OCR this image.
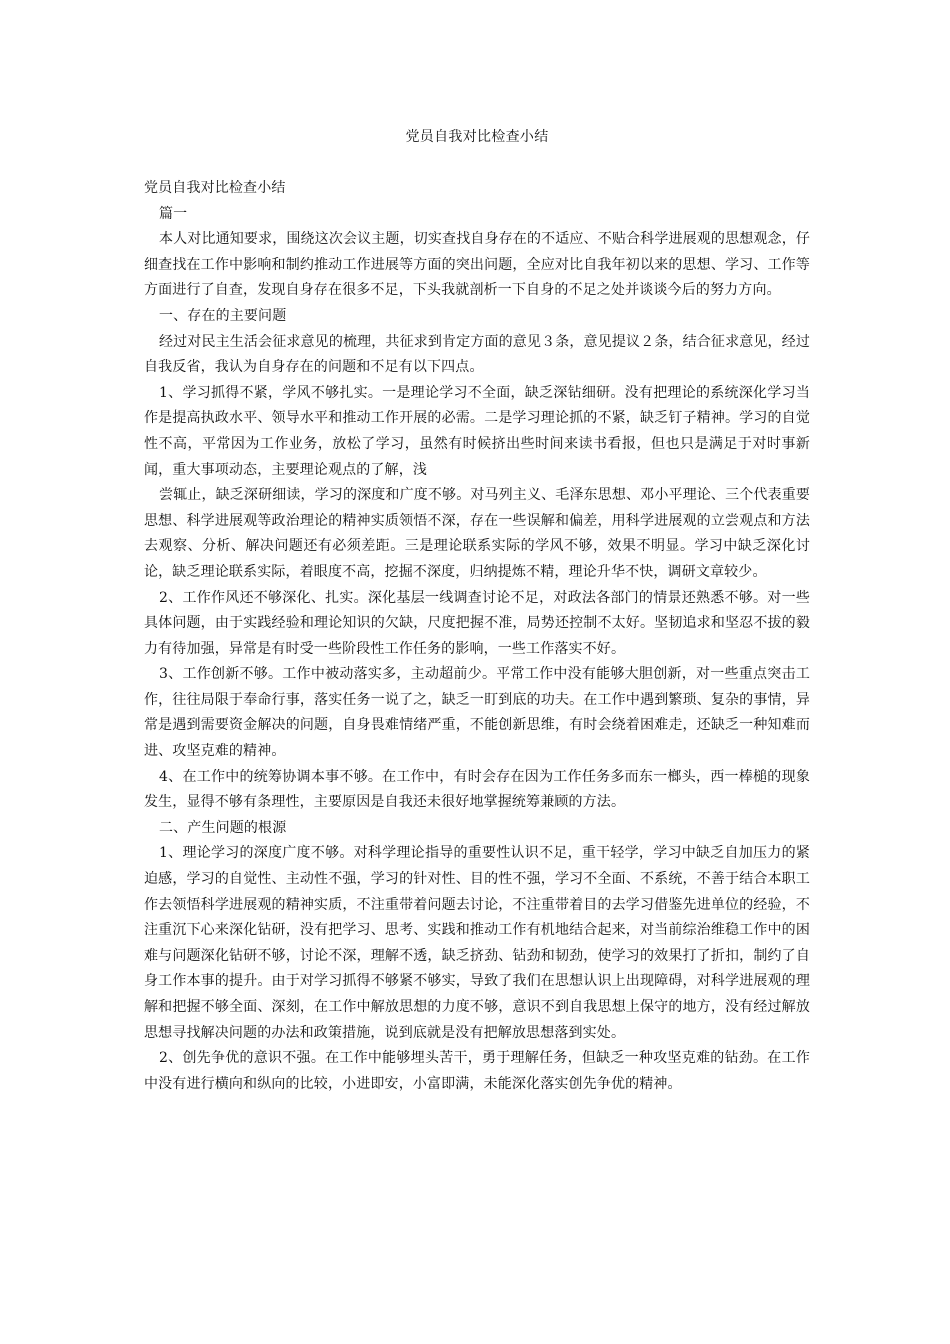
党员自我对比检查小结

党员自我对比检查小结

篇一

本人对比通知要求，围绕这次会议主题，切实查找自身存在的不适应、不贴合科学进展观的思想观念，仔细查找在工作中影响和制约推动工作进展等方面的突出问题，全应对比自我年初以来的思想、学习、工作等方面进行了自查，发现自身存在很多不足，下头我就剖析一下自身的不足之处并谈谈今后的努力方向。

一、存在的主要问题

经过对民主生活会征求意见的梳理，共征求到肯定方面的意见３条，意见提议２条，结合征求意见，经过自我反省，我认为自身存在的问题和不足有以下四点。

1、学习抓得不紧，学风不够扎实。一是理论学习不全面，缺乏深钻细研。没有把理论的系统深化学习当作是提高执政水平、领导水平和推动工作开展的必需。二是学习理论抓的不紧，缺乏钉子精神。学习的自觉性不高，平常因为工作业务，放松了学习，虽然有时候挤出些时间来读书看报，但也只是满足于对时事新闻，重大事项动态，主要理论观点的了解，浅

尝辄止，缺乏深研细读，学习的深度和广度不够。对马列主义、毛泽东思想、邓小平理论、三个代表重要思想、科学进展观等政治理论的精神实质领悟不深，存在一些误解和偏差，用科学进展观的立尝观点和方法去观察、分析、解决问题还有必须差距。三是理论联系实际的学风不够，效果不明显。学习中缺乏深化讨论，缺乏理论联系实际，着眼度不高，挖掘不深度，归纳提炼不精，理论升华不快，调研文章较少。

2、工作作风还不够深化、扎实。深化基层一线调查讨论不足，对政法各部门的情景还熟悉不够。对一些具体问题，由于实践经验和理论知识的欠缺，尺度把握不准，局势还控制不太好。坚韧追求和坚忍不拔的毅力有待加强，异常是有时受一些阶段性工作任务的影响，一些工作落实不好。

3、工作创新不够。工作中被动落实多，主动超前少。平常工作中没有能够大胆创新，对一些重点突击工作，往往局限于奉命行事，落实任务一说了之，缺乏一盯到底的功夫。在工作中遇到繁琐、复杂的事情，异常是遇到需要资金解决的问题，自身畏难情绪严重，不能创新思维，有时会绕着困难走，还缺乏一种知难而进、攻坚克难的精神。

4、在工作中的统筹协调本事不够。在工作中，有时会存在因为工作任务多而东一榔头，西一棒槌的现象发生，显得不够有条理性，主要原因是自我还未很好地掌握统筹兼顾的方法。

二、产生问题的根源

1、理论学习的深度广度不够。对科学理论指导的重要性认识不足，重干轻学，学习中缺乏自加压力的紧迫感，学习的自觉性、主动性不强，学习的针对性、目的性不强，学习不全面、不系统，不善于结合本职工作去领悟科学进展观的精神实质，不注重带着问题去讨论，不注重带着目的去学习借鉴先进单位的经验，不注重沉下心来深化钻研，没有把学习、思考、实践和推动工作有机地结合起来，对当前综治维稳工作中的困难与问题深化钻研不够，讨论不深，理解不透，缺乏挤劲、钻劲和韧劲，使学习的效果打了折扣，制约了自身工作本事的提升。由于对学习抓得不够紧不够实，导致了我们在思想认识上出现障碍，对科学进展观的理解和把握不够全面、深刻，在工作中解放思想的力度不够，意识不到自我思想上保守的地方，没有经过解放思想寻找解决问题的办法和政策措施，说到底就是没有把解放思想落到实处。

2、创先争优的意识不强。在工作中能够埋头苦干，勇于理解任务，但缺乏一种攻坚克难的钻劲。在工作中没有进行横向和纵向的比较，小进即安，小富即满，未能深化落实创先争优的精神。
